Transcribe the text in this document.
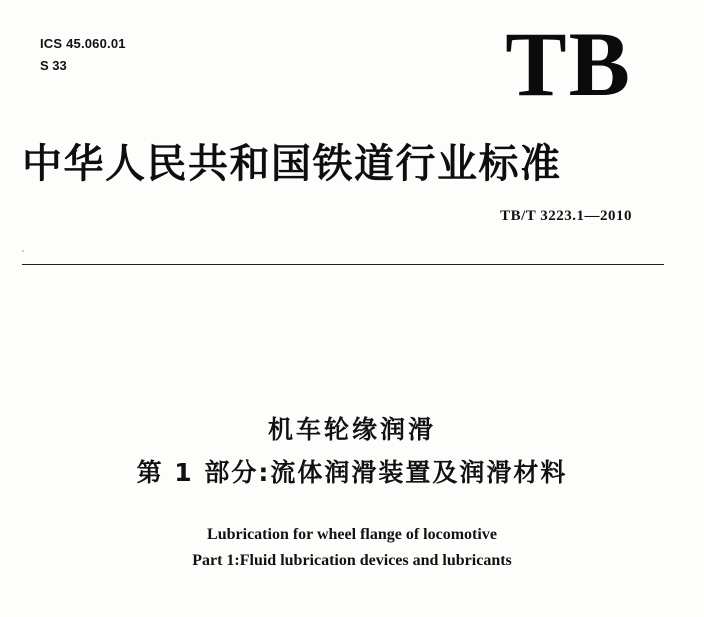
ICS 45.060.01
S 33	TB
中华人民共和国铁道行业标准
TB/T 3223.1—2010
机车轮缘润滑
第 1 部分:流体润滑装置及润滑材料
Lubrication for wheel flange of locomotive
Part 1:Fluid lubrication devices and lubricants
